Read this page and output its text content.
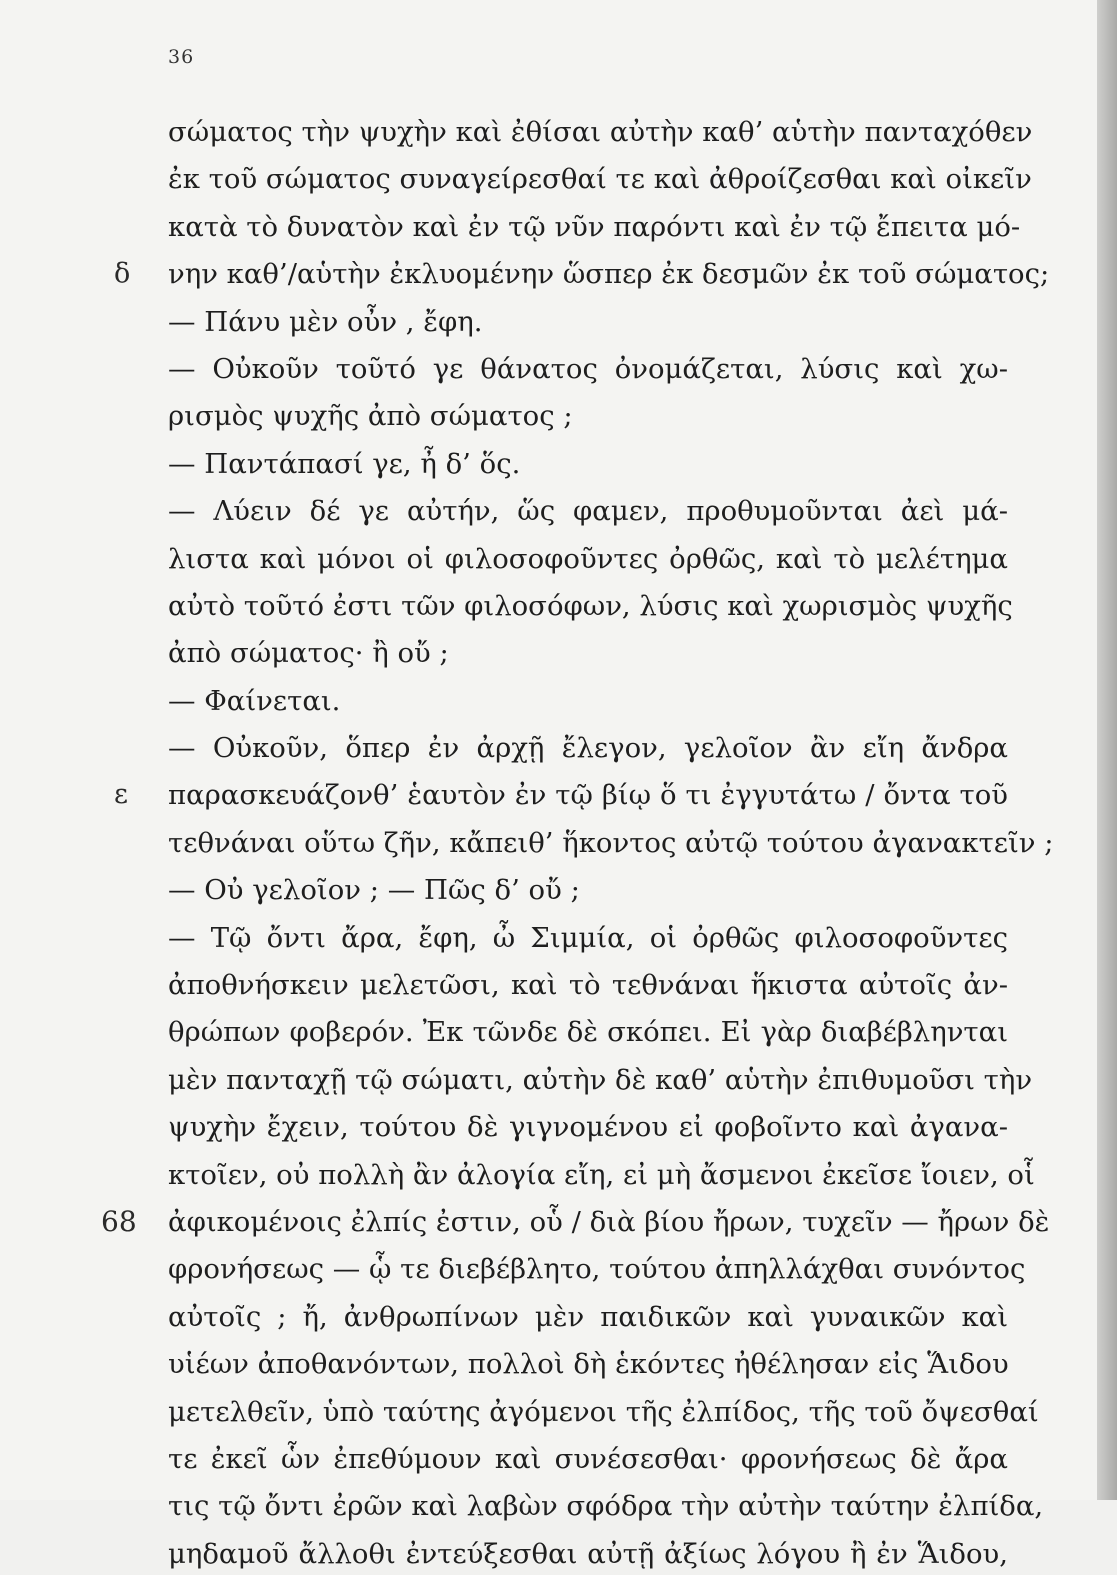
36
σώματος τὴν ψυχὴν καὶ ἐθίσαι αὐτὴν καθ’ αὑτὴν πανταχόθεν
ἐκ τοῦ σώματος συναγείρεσθαί τε καὶ ἀθροίζεσθαι καὶ οἰκεῖν
κατὰ τὸ δυνατὸν καὶ ἐν τῷ νῦν παρόντι καὶ ἐν τῷ ἔπειτα μό-
δ νην καθ’/αὑτὴν ἐκλυομένην ὥσπερ ἐκ δεσμῶν ἐκ τοῦ σώματος;
— Πάνυ μὲν οὖν , ἔφη.
— Οὐκοῦν τοῦτό γε θάνατος ὀνομάζεται, λύσις καὶ χω-
ρισμὸς ψυχῆς ἀπὸ σώματος ;
— Παντάπασί γε, ἦ δ’ ὅς.
— Λύειν δέ γε αὐτήν, ὥς φαμεν, προθυμοῦνται ἀεὶ μά-
λιστα καὶ μόνοι οἱ φιλοσοφοῦντες ὀρθῶς, καὶ τὸ μελέτημα
αὐτὸ τοῦτό ἐστι τῶν φιλοσόφων, λύσις καὶ χωρισμὸς ψυχῆς
ἀπὸ σώματος· ἢ οὔ ;
— Φαίνεται.
— Οὐκοῦν, ὅπερ ἐν ἀρχῇ ἔλεγον, γελοῖον ἂν εἴη ἄνδρα
ε παρασκευάζονθ’ ἑαυτὸν ἐν τῷ βίῳ ὅ τι ἐγγυτάτω / ὄντα τοῦ
τεθνάναι οὕτω ζῆν, κἄπειθ’ ἥκοντος αὐτῷ τούτου ἀγανακτεῖν ;
— Οὐ γελοῖον ; — Πῶς δ’ οὔ ;
— Τῷ ὄντι ἄρα, ἔφη, ὦ Σιμμία, οἱ ὀρθῶς φιλοσοφοῦντες
ἀποθνήσκειν μελετῶσι, καὶ τὸ τεθνάναι ἥκιστα αὐτοῖς ἀν-
θρώπων φοβερόν. Ἐκ τῶνδε δὲ σκόπει. Εἰ γὰρ διαβέβληνται
μὲν πανταχῇ τῷ σώματι, αὐτὴν δὲ καθ’ αὑτὴν ἐπιθυμοῦσι τὴν
ψυχὴν ἔχειν, τούτου δὲ γιγνομένου εἰ φοβοῖντο καὶ ἀγανα-
κτοῖεν, οὐ πολλὴ ἂν ἀλογία εἴη, εἰ μὴ ἄσμενοι ἐκεῖσε ἴοιεν, οἷ
68 ἀφικομένοις ἐλπίς ἐστιν, οὗ / διὰ βίου ἤρων, τυχεῖν — ἤρων δὲ
φρονήσεως — ᾧ τε διεβέβλητο, τούτου ἀπηλλάχθαι συνόντος
αὐτοῖς ; ἤ, ἀνθρωπίνων μὲν παιδικῶν καὶ γυναικῶν καὶ
υἱέων ἀποθανόντων, πολλοὶ δὴ ἑκόντες ἠθέλησαν εἰς Ἅιδου
μετελθεῖν, ὑπὸ ταύτης ἀγόμενοι τῆς ἐλπίδος, τῆς τοῦ ὄψεσθαί
τε ἐκεῖ ὧν ἐπεθύμουν καὶ συνέσεσθαι· φρονήσεως δὲ ἄρα
τις τῷ ὄντι ἐρῶν καὶ λαβὼν σφόδρα τὴν αὐτὴν ταύτην ἐλπίδα,
μηδαμοῦ ἄλλοθι ἐντεύξεσθαι αὐτῇ ἀξίως λόγου ἢ ἐν Ἅιδου,
